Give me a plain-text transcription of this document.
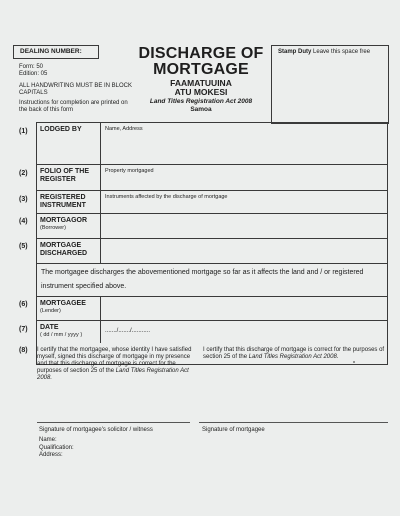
DEALING NUMBER:
Form: 50
Edition: 05
ALL HANDWRITING MUST BE IN BLOCK CAPITALS
Instructions for completion are printed on the back of this form
DISCHARGE OF MORTGAGE
FAAMATUUINA
ATU MOKESI
Land Titles Registration Act 2008
Samoa
Stamp Duty Leave this space free
(1)
(2)
(3)
(4)
(5)
(6)
(7)
(8)
LODGED BY	Name, Address
FOLIO OF THE REGISTER
Property mortgaged
REGISTERED INSTRUMENT
Instruments affected by the discharge of mortgage
MORTGAGOR
(Borrower)
MORTGAGE DISCHARGED
The mortgagee discharges the abovementioned mortgage so far as it affects the land and / or registered instrument specified above.
MORTGAGEE
(Lender)
DATE
( dd / mm / yyyy )
......./......./...........
I certify that the mortgagee, whose identity I have satisfied myself, signed this discharge of mortgage in my presence and that this discharge of mortgage is correct for the purposes of section 25 of the Land Titles Registration Act 2008.
I certify that this discharge of mortgage is correct for the purposes of section 25 of the Land Titles Registration Act 2008.
Signature of mortgagee's solicitor / witness	Signature of mortgagee
Name:
Qualification:
Address:
